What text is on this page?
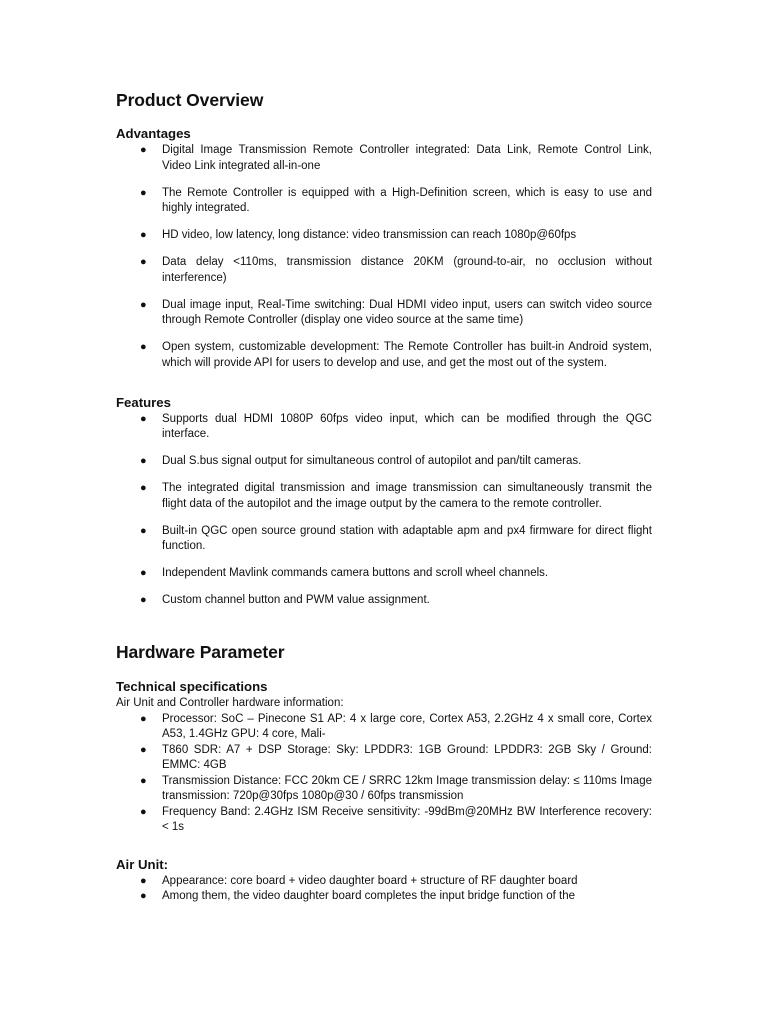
Product Overview
Advantages
● Digital Image Transmission Remote Controller integrated: Data Link, Remote Control Link, Video Link integrated all-in-one
● The Remote Controller is equipped with a High-Definition screen, which is easy to use and highly integrated.
● HD video, low latency, long distance: video transmission can reach 1080p@60fps
● Data delay <110ms, transmission distance 20KM (ground-to-air, no occlusion without interference)
● Dual image input, Real-Time switching: Dual HDMI video input, users can switch video source through Remote Controller (display one video source at the same time)
● Open system, customizable development: The Remote Controller has built-in Android system, which will provide API for users to develop and use, and get the most out of the system.
Features
● Supports dual HDMI 1080P 60fps video input, which can be modified through the QGC interface.
● Dual S.bus signal output for simultaneous control of autopilot and pan/tilt cameras.
● The integrated digital transmission and image transmission can simultaneously transmit the flight data of the autopilot and the image output by the camera to the remote controller.
● Built-in QGC open source ground station with adaptable apm and px4 firmware for direct flight function.
● Independent Mavlink commands camera buttons and scroll wheel channels.
● Custom channel button and PWM value assignment.
Hardware Parameter
Technical specifications

Air Unit and Controller hardware information:

● Processor: SoC – Pinecone S1 AP: 4 x large core, Cortex A53, 2.2GHz 4 x small core, Cortex A53, 1.4GHz GPU: 4 core, Mali-
● T860 SDR: A7 + DSP Storage: Sky: LPDDR3: 1GB Ground: LPDDR3: 2GB Sky / Ground: EMMC: 4GB
● Transmission Distance: FCC 20km CE / SRRC 12km Image transmission delay: ≤ 110ms Image transmission: 720p@30fps 1080p@30 / 60fps transmission
● Frequency Band: 2.4GHz ISM Receive sensitivity: -99dBm@20MHz BW Interference recovery: < 1s
Air Unit:
● Appearance: core board + video daughter board + structure of RF daughter board
● Among them, the video daughter board completes the input bridge function of the
